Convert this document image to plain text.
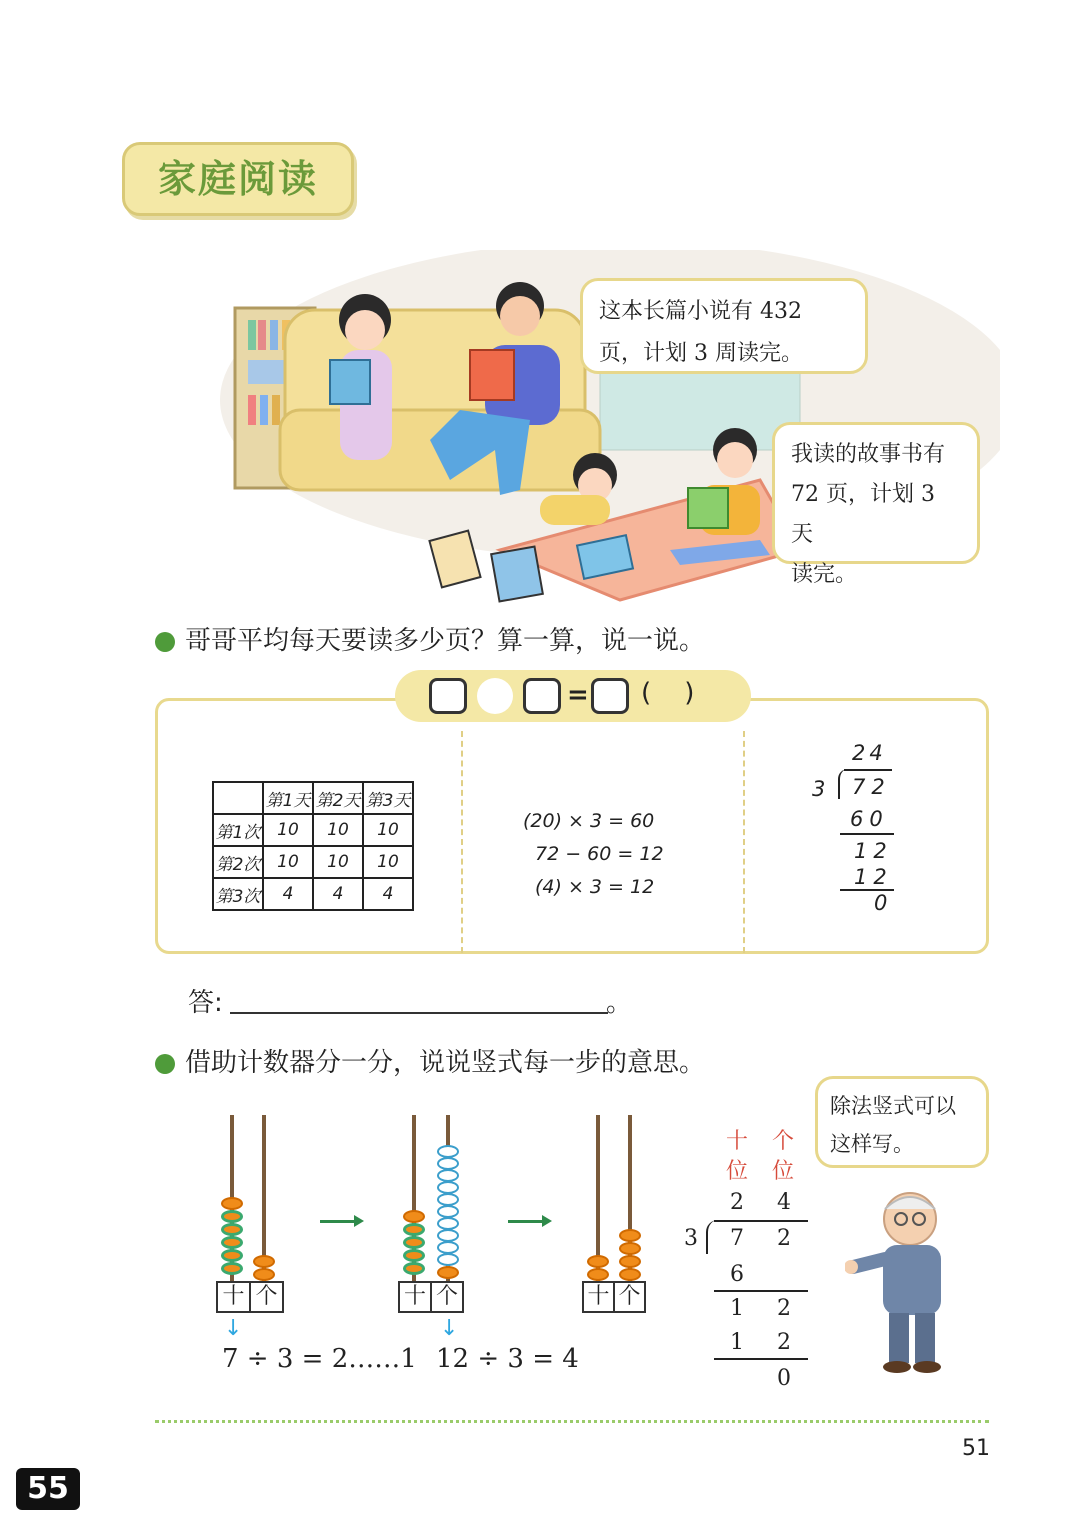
家庭阅读
这本长篇小说有 432 页，计划 3 周读完。
我读的故事书有
72 页，计划 3 天
读完。
哥哥平均每天要读多少页？算一算，说一说。
	第1天	第2天	第3天
第1次	10	10	10
第2次	10	10	10
第3次	4	4	4
(20) × 3 = 60
72 − 60 = 12
(4) × 3 = 12
24
3 72
60
12
12
0
= (    )
答:	。
借助计数器分一分，说说竖式每一步的意思。
十 个
↓
7 ÷ 3 = 2……1
十 个
↓
12 ÷ 3 = 4
十 个
十
位
个
位
2 4
3 7 2
6
1 2
1 2
0
除法竖式可以这样写。
51
55
